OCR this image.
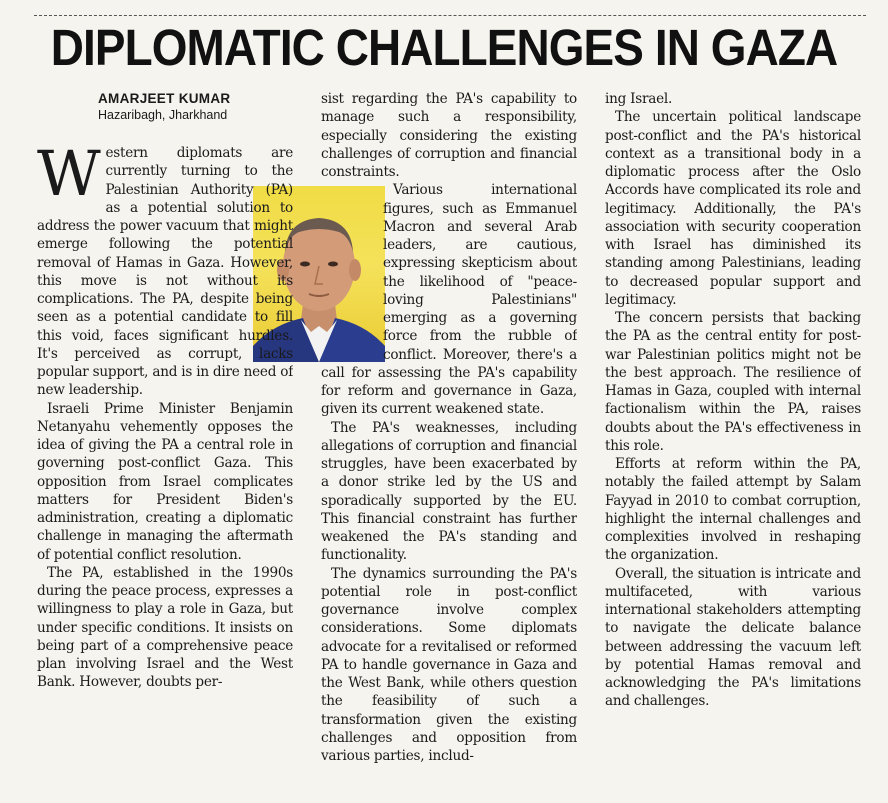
DIPLOMATIC CHALLENGES IN GAZA
AMARJEET KUMAR
Hazaribagh, Jharkhand

Western diplomats are currently turning to the Palestinian Authority (PA) as a potential solution to address the power vacuum that might emerge following the potential removal of Hamas in Gaza. However, this move is not without its complications. The PA, despite being seen as a potential candidate to fill this void, faces significant hurdles. It's perceived as corrupt, lacks popular support, and is in dire need of new leadership.

Israeli Prime Minister Benjamin Netanyahu vehemently opposes the idea of giving the PA a central role in governing post-conflict Gaza. This opposition from Israel complicates matters for President Biden's administration, creating a diplomatic challenge in managing the aftermath of potential conflict resolution.

The PA, established in the 1990s during the peace process, expresses a willingness to play a role in Gaza, but under specific conditions. It insists on being part of a comprehensive peace plan involving Israel and the West Bank. However, doubts per-

sist regarding the PA's capability to manage such a responsibility, especially considering the existing challenges of corruption and financial constraints.

Various international figures, such as Emmanuel Macron and several Arab leaders, are cautious, expressing skepticism about the likelihood of "peace-loving Palestinians" emerging as a governing force from the rubble of conflict. Moreover, there's a call for assessing the PA's capability for reform and governance in Gaza, given its current weakened state.

The PA's weaknesses, including allegations of corruption and financial struggles, have been exacerbated by a donor strike led by the US and sporadically supported by the EU. This financial constraint has further weakened the PA's standing and functionality.

The dynamics surrounding the PA's potential role in post-conflict governance involve complex considerations. Some diplomats advocate for a revitalised or reformed PA to handle governance in Gaza and the West Bank, while others question the feasibility of such a transformation given the existing challenges and opposition from various parties, includ-

ing Israel.

The uncertain political landscape post-conflict and the PA's historical context as a transitional body in a diplomatic process after the Oslo Accords have complicated its role and legitimacy. Additionally, the PA's association with security cooperation with Israel has diminished its standing among Palestinians, leading to decreased popular support and legitimacy.

The concern persists that backing the PA as the central entity for post-war Palestinian politics might not be the best approach. The resilience of Hamas in Gaza, coupled with internal factionalism within the PA, raises doubts about the PA's effectiveness in this role.

Efforts at reform within the PA, notably the failed attempt by Salam Fayyad in 2010 to combat corruption, highlight the internal challenges and complexities involved in reshaping the organization.

Overall, the situation is intricate and multifaceted, with various international stakeholders attempting to navigate the delicate balance between addressing the vacuum left by potential Hamas removal and acknowledging the PA's limitations and challenges.
